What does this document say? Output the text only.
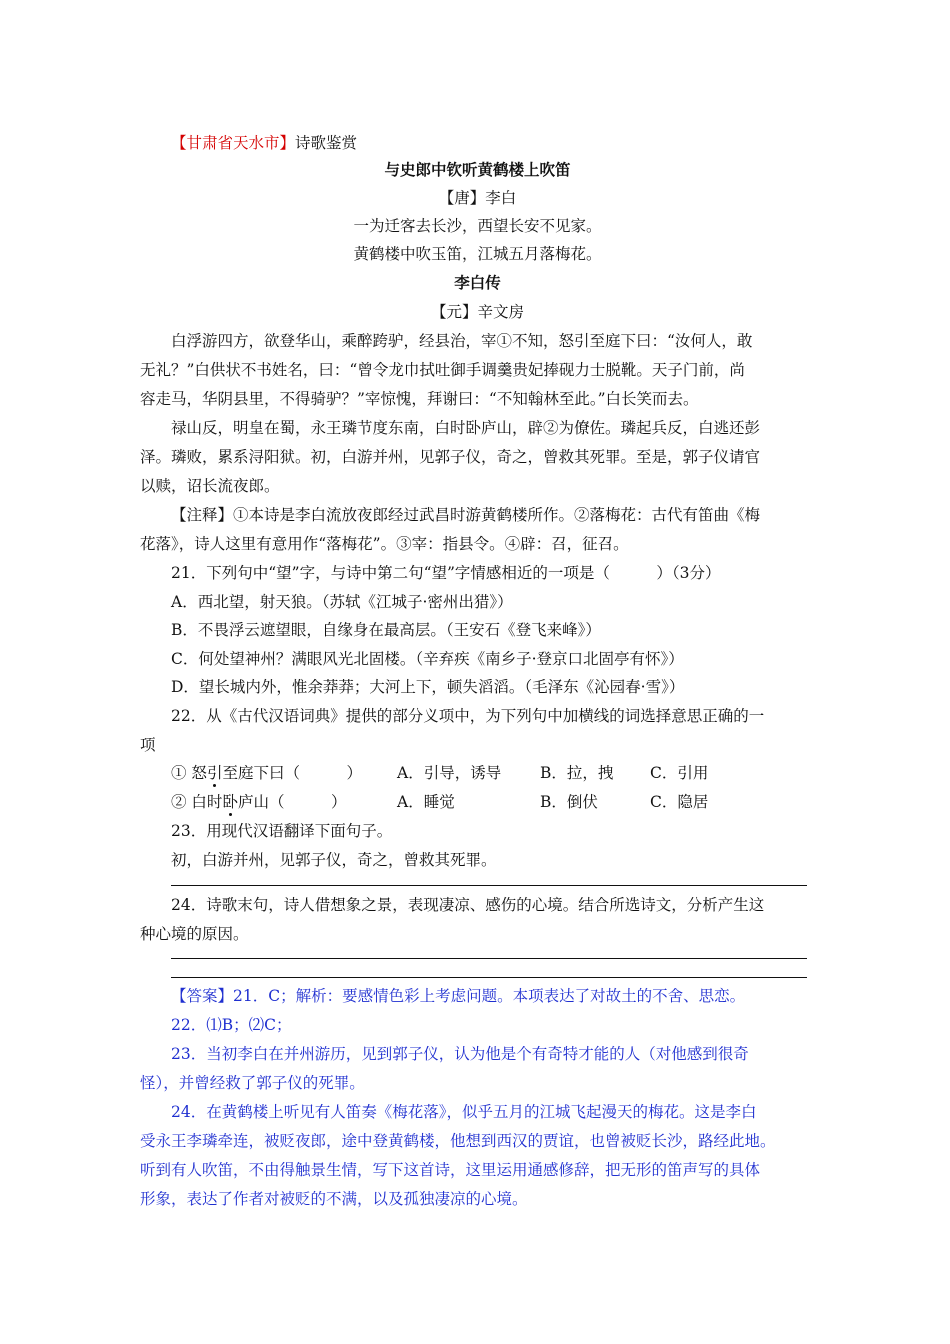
【甘肃省天水市】诗歌鉴赏
与史郎中钦听黄鹤楼上吹笛
【唐】李白
一为迁客去长沙，西望长安不见家。
黄鹤楼中吹玉笛，江城五月落梅花。
李白传
【元】辛文房
白浮游四方，欲登华山，乘醉跨驴，经县治，宰①不知，怒引至庭下曰：“汝何人，敢
无礼？”白供状不书姓名，曰：“曾令龙巾拭吐御手调羹贵妃捧砚力士脱靴。天子门前，尚
容走马，华阴县里，不得骑驴？”宰惊愧，拜谢曰：“不知翰林至此。”白长笑而去。
禄山反，明皇在蜀，永王璘节度东南，白时卧庐山，辟②为僚佐。璘起兵反，白逃还彭
泽。璘败，累系浔阳狱。初，白游并州，见郭子仪，奇之，曾救其死罪。至是，郭子仪请官
以赎，诏长流夜郎。
【注释】①本诗是李白流放夜郎经过武昌时游黄鹤楼所作。②落梅花：古代有笛曲《梅
花落》，诗人这里有意用作“落梅花”。③宰：指县令。④辟：召，征召。
21．下列句中“望”字，与诗中第二句“望”字情感相近的一项是（　　　）（3分）
A．西北望，射天狼。（苏轼《江城子·密州出猎》）
B．不畏浮云遮望眼，自缘身在最高层。（王安石《登飞来峰》）
C．何处望神州？满眼风光北固楼。（辛弃疾《南乡子·登京口北固亭有怀》）
D．望长城内外，惟余莽莽；大河上下，顿失滔滔。（毛泽东《沁园春·雪》）
22．从《古代汉语词典》提供的部分义项中，为下列句中加横线的词选择意思正确的一
项
① 怒引至庭下曰（　　　） A．引导，诱导	B．拉，拽 C．引用
② 白时卧庐山（　　　）	A．睡觉	B．倒伏	C．隐居
23．用现代汉语翻译下面句子。
初，白游并州，见郭子仪，奇之，曾救其死罪。
24．诗歌末句，诗人借想象之景，表现凄凉、感伤的心境。结合所选诗文，分析产生这
种心境的原因。
【答案】21．C；解析：要感情色彩上考虑问题。本项表达了对故土的不舍、思恋。
22．⑴B；⑵C；
23．当初李白在并州游历，见到郭子仪，认为他是个有奇特才能的人（对他感到很奇
怪），并曾经救了郭子仪的死罪。
24．在黄鹤楼上听见有人笛奏《梅花落》，似乎五月的江城飞起漫天的梅花。这是李白
受永王李璘牵连，被贬夜郎，途中登黄鹤楼，他想到西汉的贾谊，也曾被贬长沙，路经此地。
听到有人吹笛，不由得触景生情，写下这首诗，这里运用通感修辞，把无形的笛声写的具体
形象，表达了作者对被贬的不满，以及孤独凄凉的心境。
